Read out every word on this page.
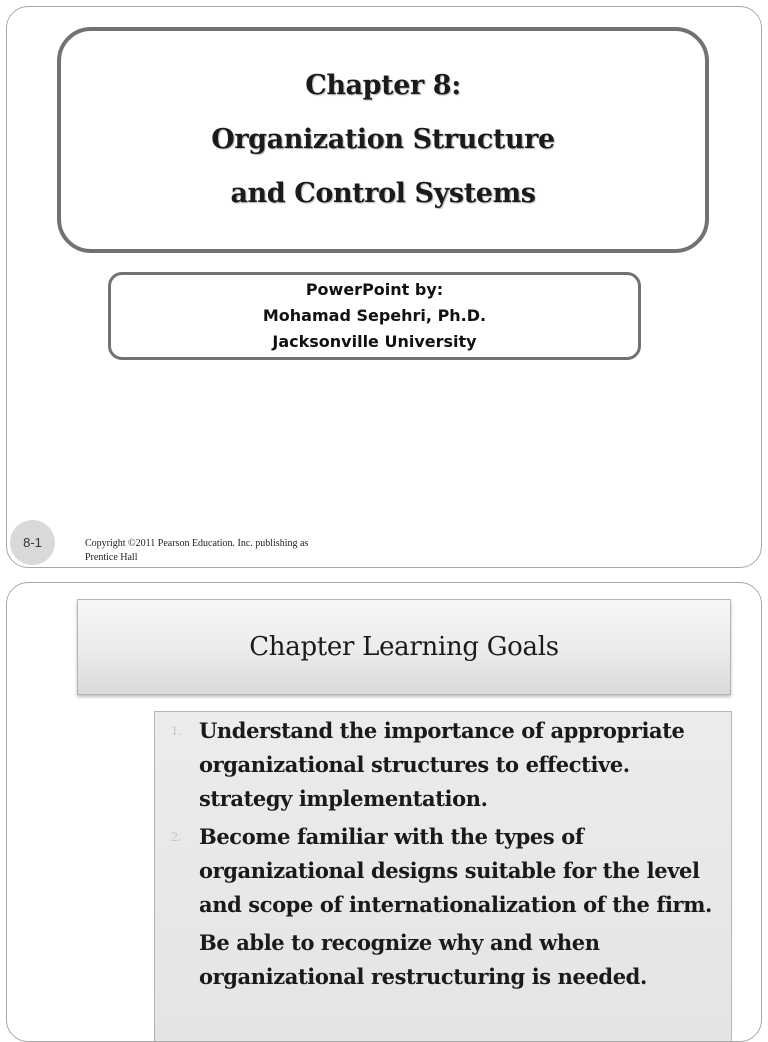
Chapter 8:
Organization Structure
and Control Systems
PowerPoint by:
Mohamad Sepehri, Ph.D.
Jacksonville University
8-1	Copyright ©2011 Pearson Education. Inc. publishing as
Prentice Hall
Chapter Learning Goals
1. Understand the importance of appropriate organizational structures to effective. strategy implementation.
2. Become familiar with the types of organizational designs suitable for the level and scope of internationalization of the firm.
Be able to recognize why and when organizational restructuring is needed.
